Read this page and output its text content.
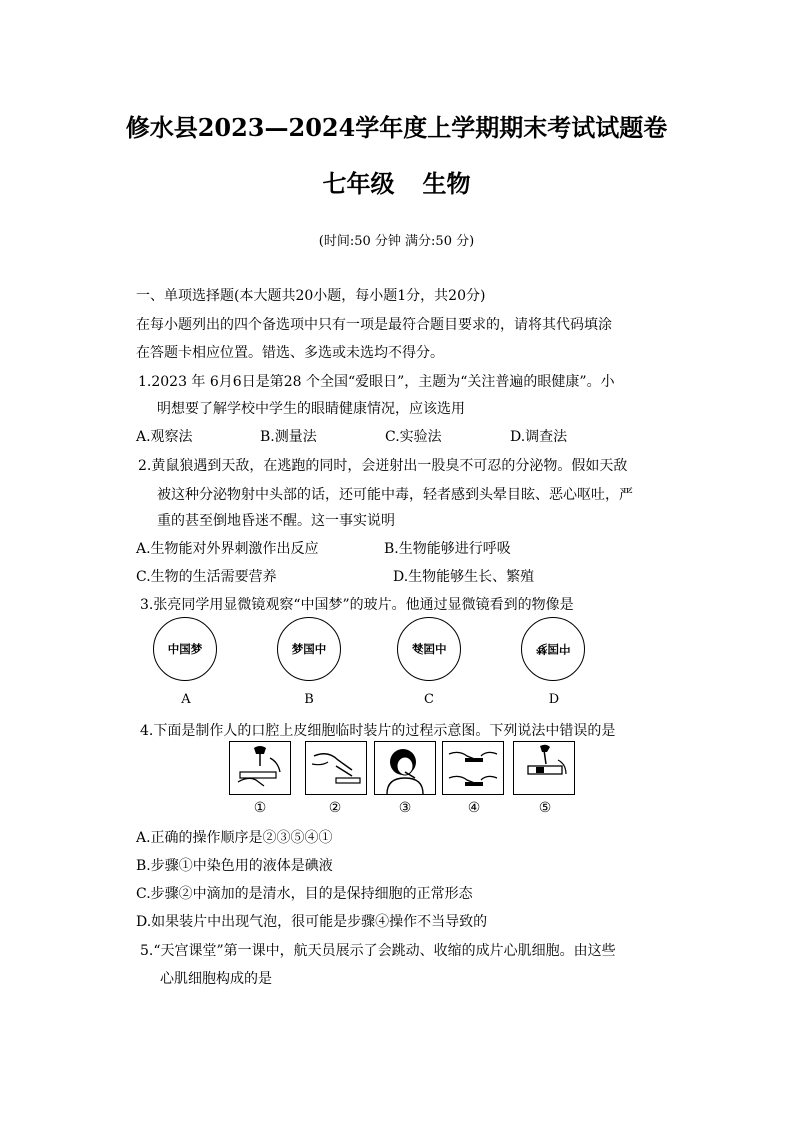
修水县2023—2024学年度上学期期末考试试题卷
七年级 生物
(时间:50 分钟 满分:50 分)
一、单项选择题(本大题共20小题，每小题1分，共20分)
在每小题列出的四个备选项中只有一项是最符合题目要求的，请将其代码填涂
在答题卡相应位置。错选、多选或未选均不得分。
1.2023 年 6月6日是第28 个全国“爱眼日”，主题为“关注普遍的眼健康”。小
明想要了解学校中学生的眼睛健康情况，应该选用
A.观察法	B.测量法	C.实验法	D.调查法
2.黄鼠狼遇到天敌，在逃跑的同时，会迸射出一股臭不可忍的分泌物。假如天敌
被这种分泌物射中头部的话，还可能中毒，轻者感到头晕目眩、恶心呕吐，严
重的甚至倒地昏迷不醒。这一事实说明
A.生物能对外界刺激作出反应	B.生物能够进行呼吸
C.生物的生活需要营养	D.生物能够生长、繁殖
3.张亮同学用显微镜观察“中国梦”的玻片。他通过显微镜看到的物像是
中国梦	梦国中	中国梦	中国梦
A	B	C	D
4.下面是制作人的口腔上皮细胞临时装片的过程示意图。下列说法中错误的是
①	②	③	④	⑤
A.正确的操作顺序是②③⑤④①
B.步骤①中染色用的液体是碘液
C.步骤②中滴加的是清水，目的是保持细胞的正常形态
D.如果装片中出现气泡，很可能是步骤④操作不当导致的
5.“天宫课堂”第一课中，航天员展示了会跳动、收缩的成片心肌细胞。由这些
心肌细胞构成的是
